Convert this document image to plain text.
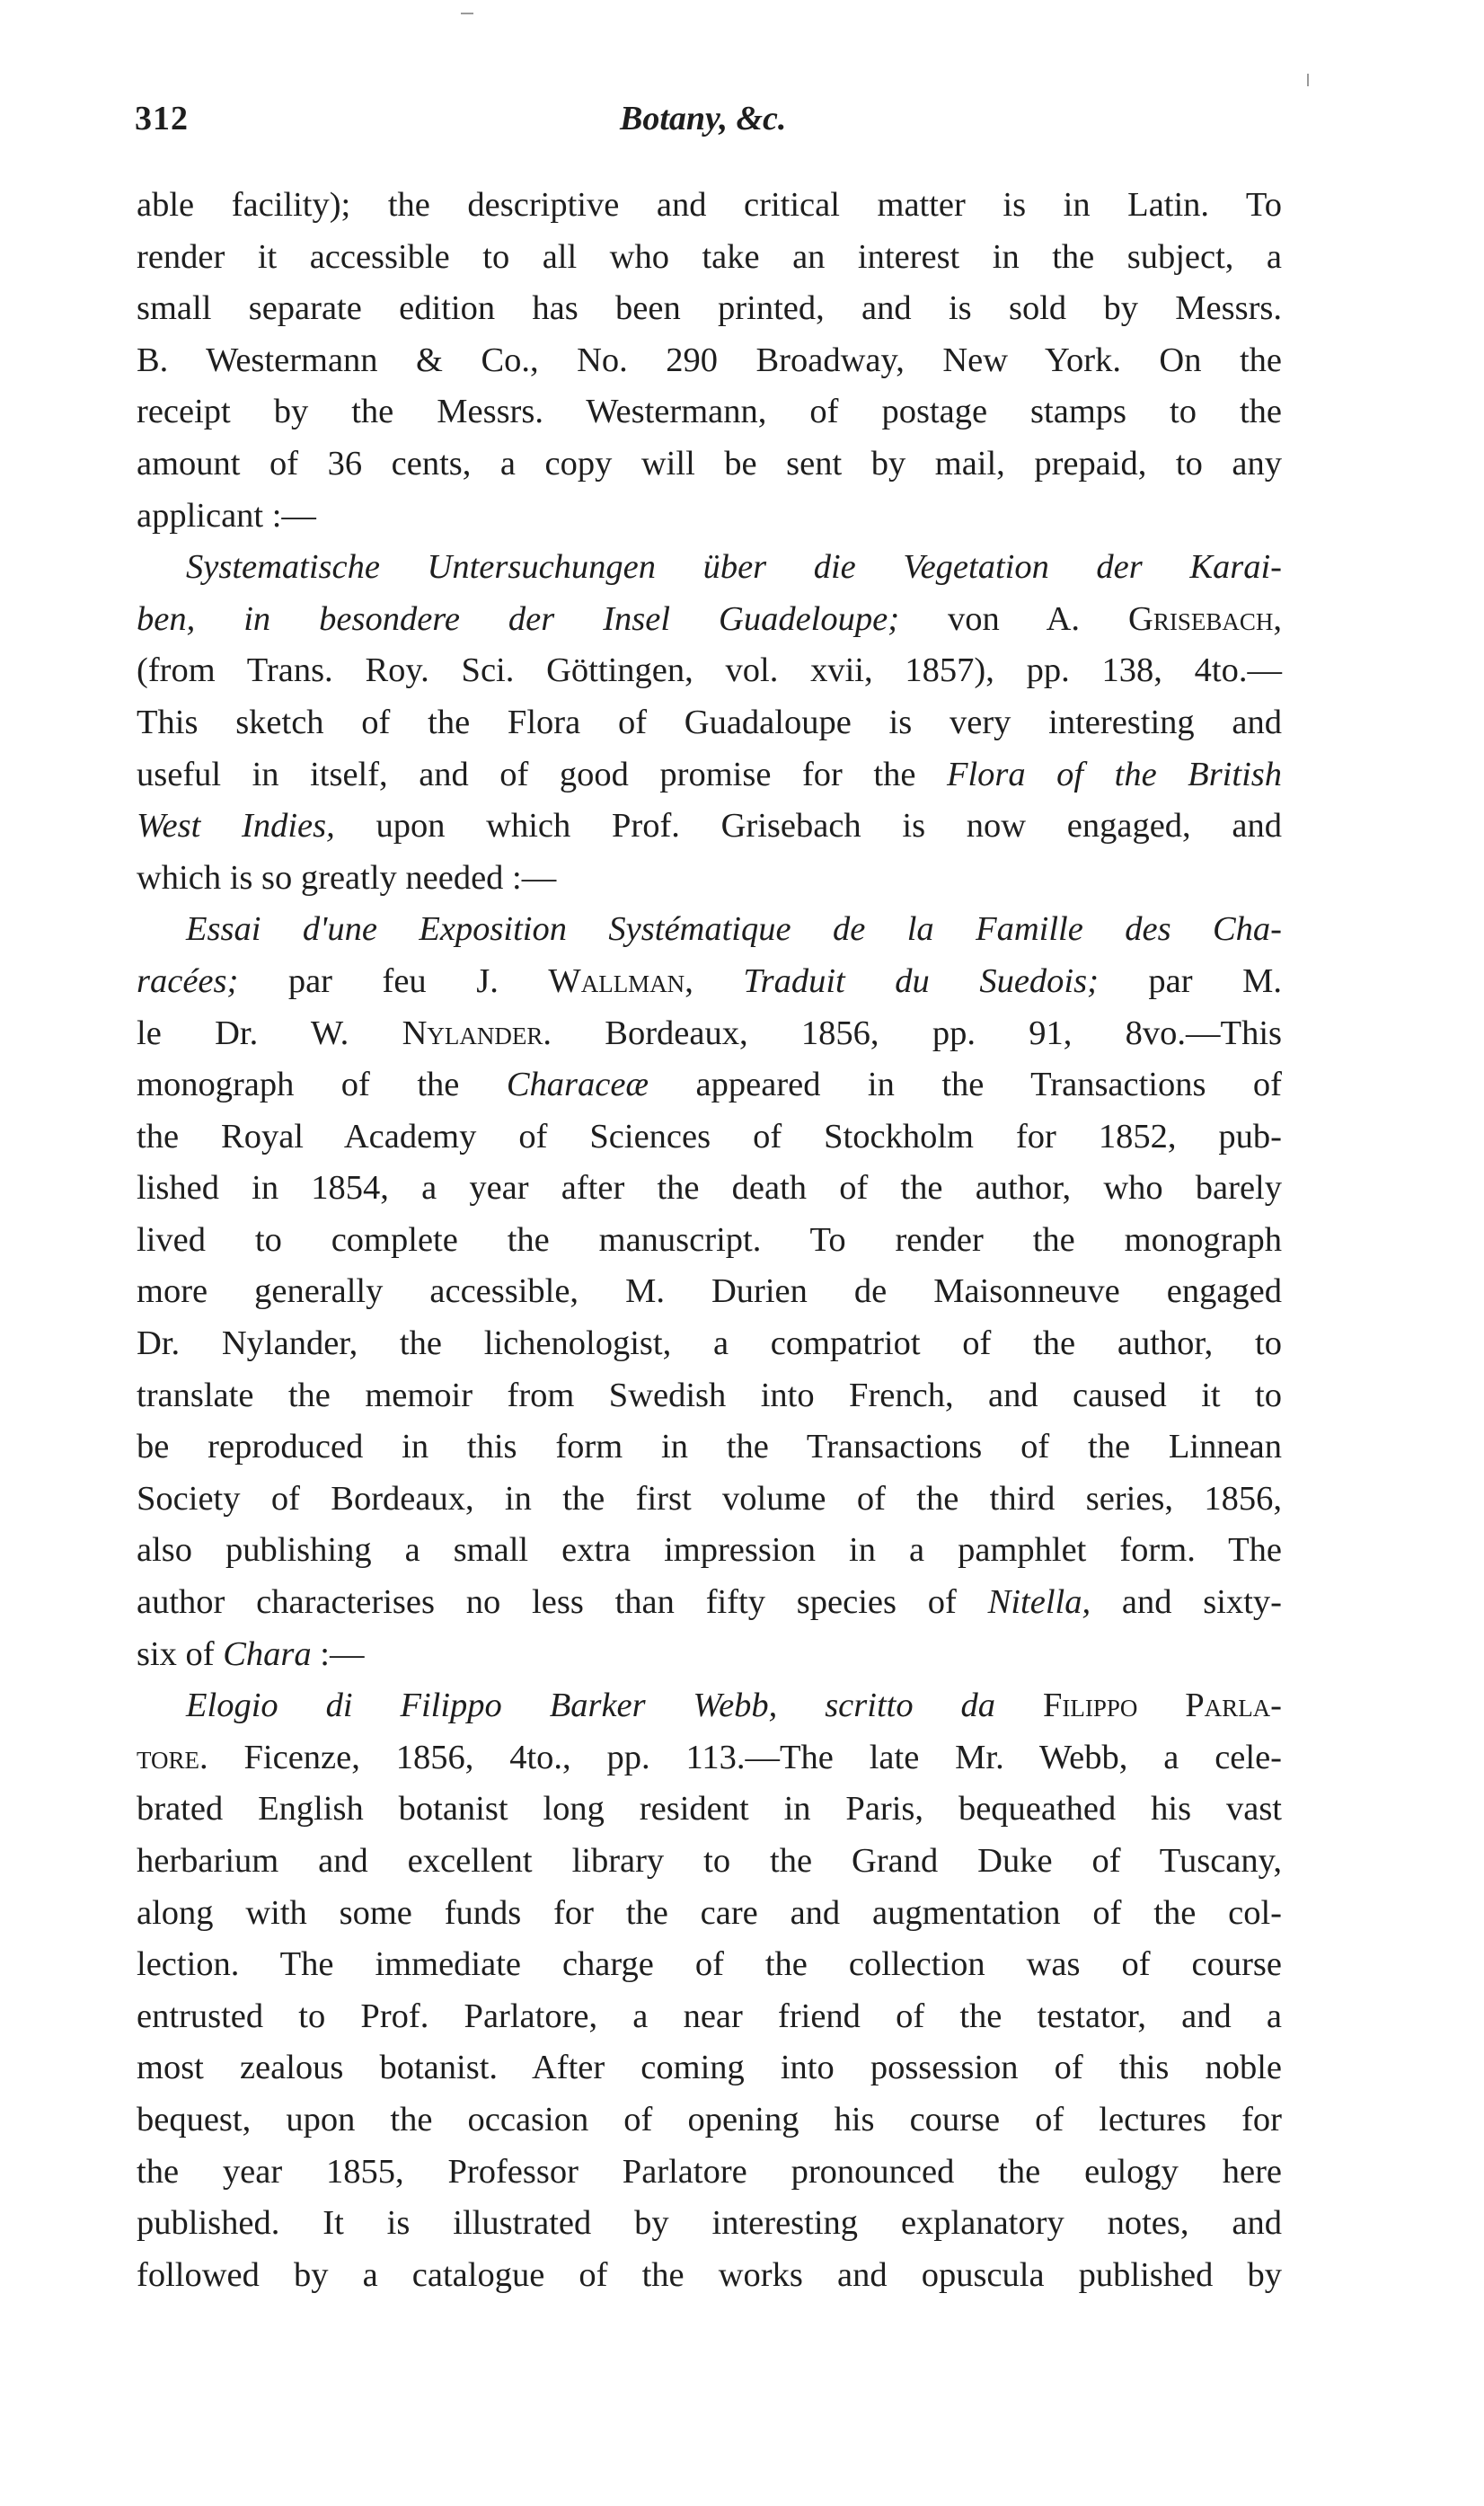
312	Botany, &c.
able facility); the descriptive and critical matter is in Latin. To
render it accessible to all who take an interest in the subject, a
small separate edition has been printed, and is sold by Messrs.
B. Westermann & Co., No. 290 Broadway, New York. On the
receipt by the Messrs. Westermann, of postage stamps to the
amount of 36 cents, a copy will be sent by mail, prepaid, to any
applicant :—
Systematische Untersuchungen über die Vegetation der Karai-
ben, in besondere der Insel Guadeloupe; von A. Grisebach,
(from Trans. Roy. Sci. Göttingen, vol. xvii, 1857), pp. 138, 4to.—
This sketch of the Flora of Guadaloupe is very interesting and
useful in itself, and of good promise for the Flora of the British
West Indies, upon which Prof. Grisebach is now engaged, and
which is so greatly needed :—
Essai d'une Exposition Systématique de la Famille des Cha-
racées; par feu J. Wallman, Traduit du Suedois; par M.
le Dr. W. Nylander. Bordeaux, 1856, pp. 91, 8vo.—This
monograph of the Characeæ appeared in the Transactions of
the Royal Academy of Sciences of Stockholm for 1852, pub-
lished in 1854, a year after the death of the author, who barely
lived to complete the manuscript. To render the monograph
more generally accessible, M. Durien de Maisonneuve engaged
Dr. Nylander, the lichenologist, a compatriot of the author, to
translate the memoir from Swedish into French, and caused it to
be reproduced in this form in the Transactions of the Linnean
Society of Bordeaux, in the first volume of the third series, 1856,
also publishing a small extra impression in a pamphlet form. The
author characterises no less than fifty species of Nitella, and sixty-
six of Chara :—
Elogio di Filippo Barker Webb, scritto da Filippo Parla-
tore. Ficenze, 1856, 4to., pp. 113.—The late Mr. Webb, a cele-
brated English botanist long resident in Paris, bequeathed his vast
herbarium and excellent library to the Grand Duke of Tuscany,
along with some funds for the care and augmentation of the col-
lection. The immediate charge of the collection was of course
entrusted to Prof. Parlatore, a near friend of the testator, and a
most zealous botanist. After coming into possession of this noble
bequest, upon the occasion of opening his course of lectures for
the year 1855, Professor Parlatore pronounced the eulogy here
published. It is illustrated by interesting explanatory notes, and
followed by a catalogue of the works and opuscula published by
